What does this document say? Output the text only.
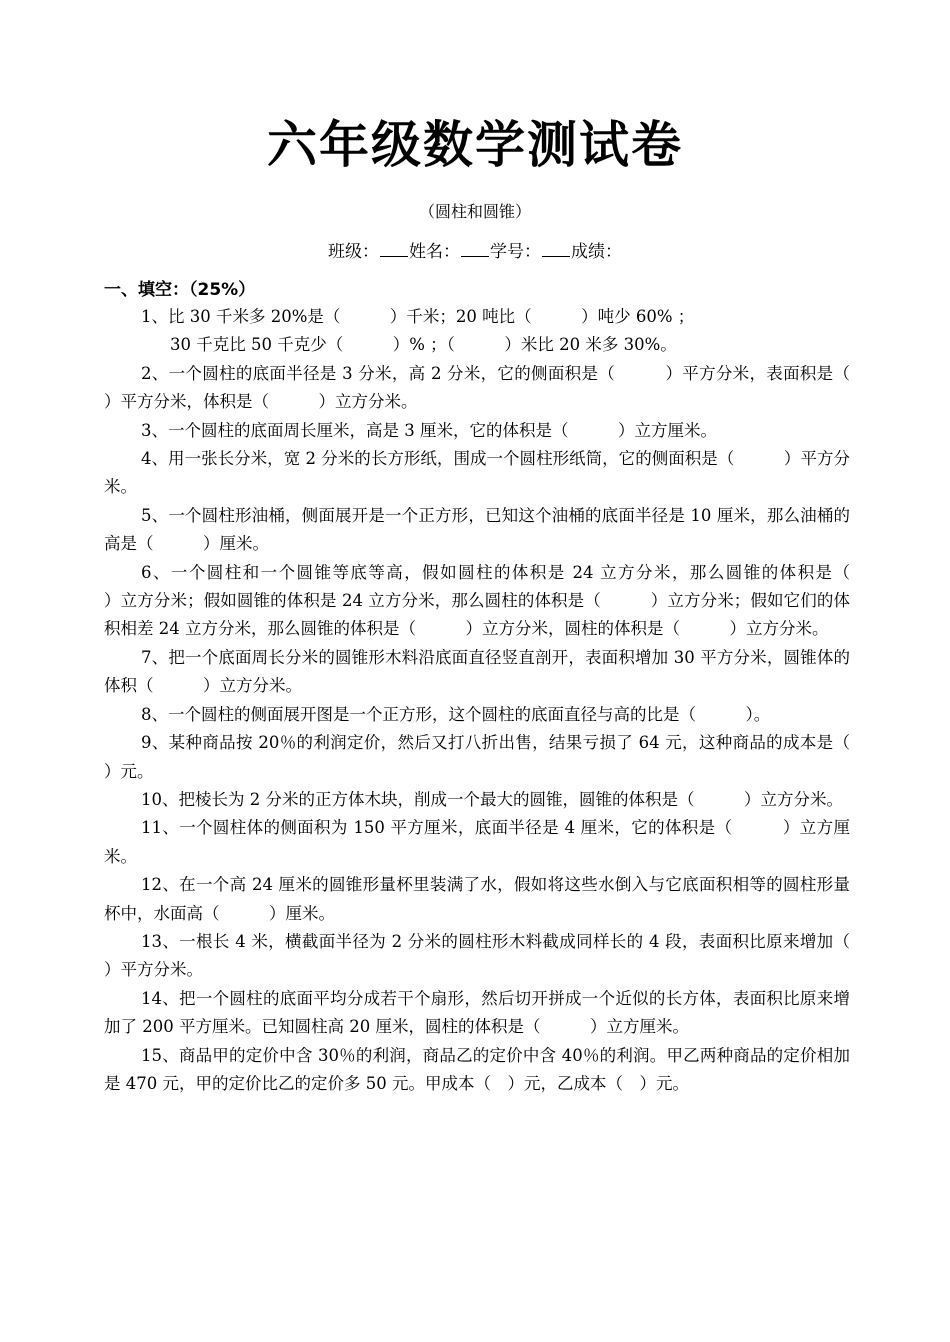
六年级数学测试卷
（圆柱和圆锥）
班级： 姓名： 学号： 成绩：
一、填空：（25%）

1、比 30 千米多 20%是（　　　）千米；20 吨比（　　　）吨少 60% ；

30 千克比 50 千克少（　　　）% ；（　　　）米比 20 米多 30%。

2、一个圆柱的底面半径是 3 分米，高 2 分米，它的侧面积是（　　　）平方分米，表面积是（　　　）平方分米，体积是（　　　）立方分米。

3、一个圆柱的底面周长厘米，高是 3 厘米，它的体积是（　　　）立方厘米。

4、用一张长分米，宽 2 分米的长方形纸，围成一个圆柱形纸筒，它的侧面积是（　　　）平方分米。

5、一个圆柱形油桶，侧面展开是一个正方形，已知这个油桶的底面半径是 10 厘米，那么油桶的高是（　　　）厘米。

6、一个圆柱和一个圆锥等底等高，假如圆柱的体积是 24 立方分米，那么圆锥的体积是（　　　）立方分米；假如圆锥的体积是 24 立方分米，那么圆柱的体积是（　　　）立方分米；假如它们的体积相差 24 立方分米，那么圆锥的体积是（　　　）立方分米，圆柱的体积是（　　　）立方分米。

7、把一个底面周长分米的圆锥形木料沿底面直径竖直剖开，表面积增加 30 平方分米，圆锥体的体积（　　　）立方分米。

8、一个圆柱的侧面展开图是一个正方形，这个圆柱的底面直径与高的比是（　　　）。

9、某种商品按 20％的利润定价，然后又打八折出售，结果亏损了 64 元，这种商品的成本是（　　　）元。

10、把棱长为 2 分米的正方体木块，削成一个最大的圆锥，圆锥的体积是（　　　）立方分米。

11、一个圆柱体的侧面积为 150 平方厘米，底面半径是 4 厘米，它的体积是（　　　）立方厘米。

12、在一个高 24 厘米的圆锥形量杯里装满了水，假如将这些水倒入与它底面积相等的圆柱形量杯中，水面高（　　　）厘米。

13、一根长 4 米，横截面半径为 2 分米的圆柱形木料截成同样长的 4 段，表面积比原来增加（　　　）平方分米。

14、把一个圆柱的底面平均分成若干个扇形，然后切开拼成一个近似的长方体，表面积比原来增加了 200 平方厘米。已知圆柱高 20 厘米，圆柱的体积是（　　　）立方厘米。

15、商品甲的定价中含 30％的利润，商品乙的定价中含 40％的利润。甲乙两种商品的定价相加是 470 元，甲的定价比乙的定价多 50 元。甲成本（　）元，乙成本（　）元。
